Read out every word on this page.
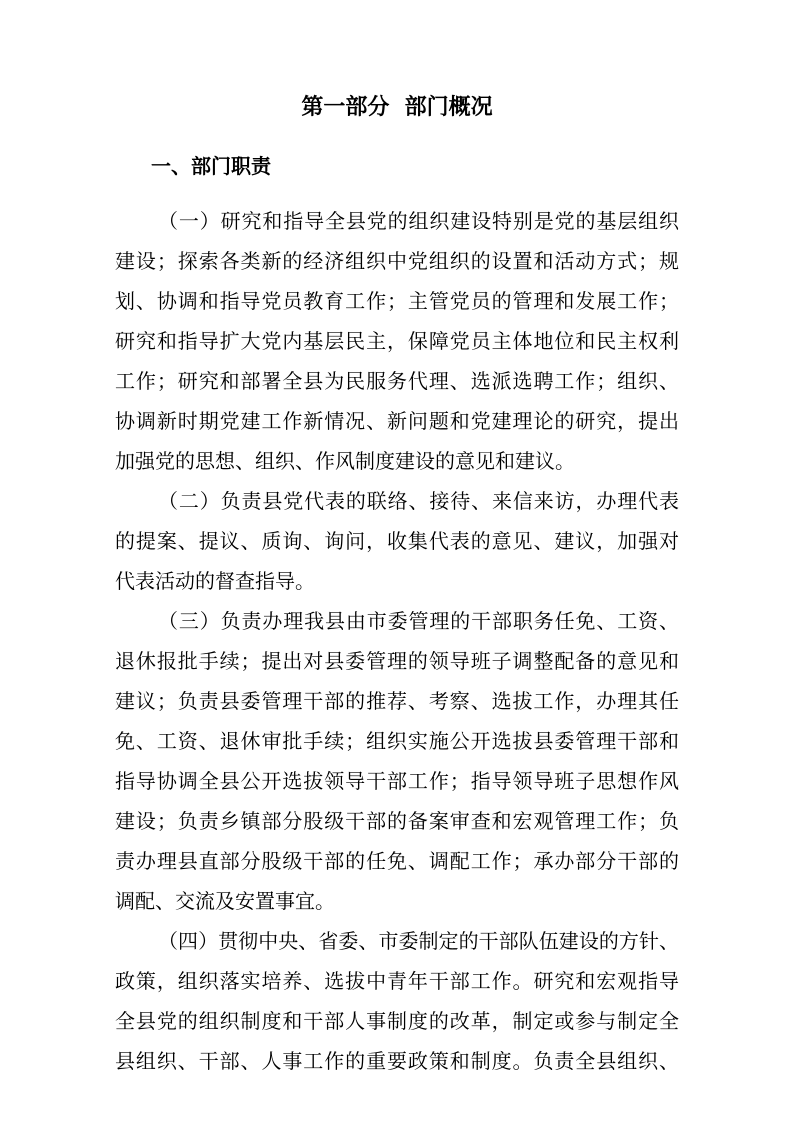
第一部分  部门概况
一、部门职责
（一）研究和指导全县党的组织建设特别是党的基层组织
建设；探索各类新的经济组织中党组织的设置和活动方式；规
划、协调和指导党员教育工作；主管党员的管理和发展工作；
研究和指导扩大党内基层民主，保障党员主体地位和民主权利
工作；研究和部署全县为民服务代理、选派选聘工作；组织、
协调新时期党建工作新情况、新问题和党建理论的研究，提出
加强党的思想、组织、作风制度建设的意见和建议。
（二）负责县党代表的联络、接待、来信来访，办理代表
的提案、提议、质询、询问，收集代表的意见、建议，加强对
代表活动的督查指导。
（三）负责办理我县由市委管理的干部职务任免、工资、
退休报批手续；提出对县委管理的领导班子调整配备的意见和
建议；负责县委管理干部的推荐、考察、选拔工作，办理其任
免、工资、退休审批手续；组织实施公开选拔县委管理干部和
指导协调全县公开选拔领导干部工作；指导领导班子思想作风
建设；负责乡镇部分股级干部的备案审查和宏观管理工作；负
责办理县直部分股级干部的任免、调配工作；承办部分干部的
调配、交流及安置事宜。
（四）贯彻中央、省委、市委制定的干部队伍建设的方针、
政策，组织落实培养、选拔中青年干部工作。研究和宏观指导
全县党的组织制度和干部人事制度的改革，制定或参与制定全
县组织、干部、人事工作的重要政策和制度。负责全县组织、
